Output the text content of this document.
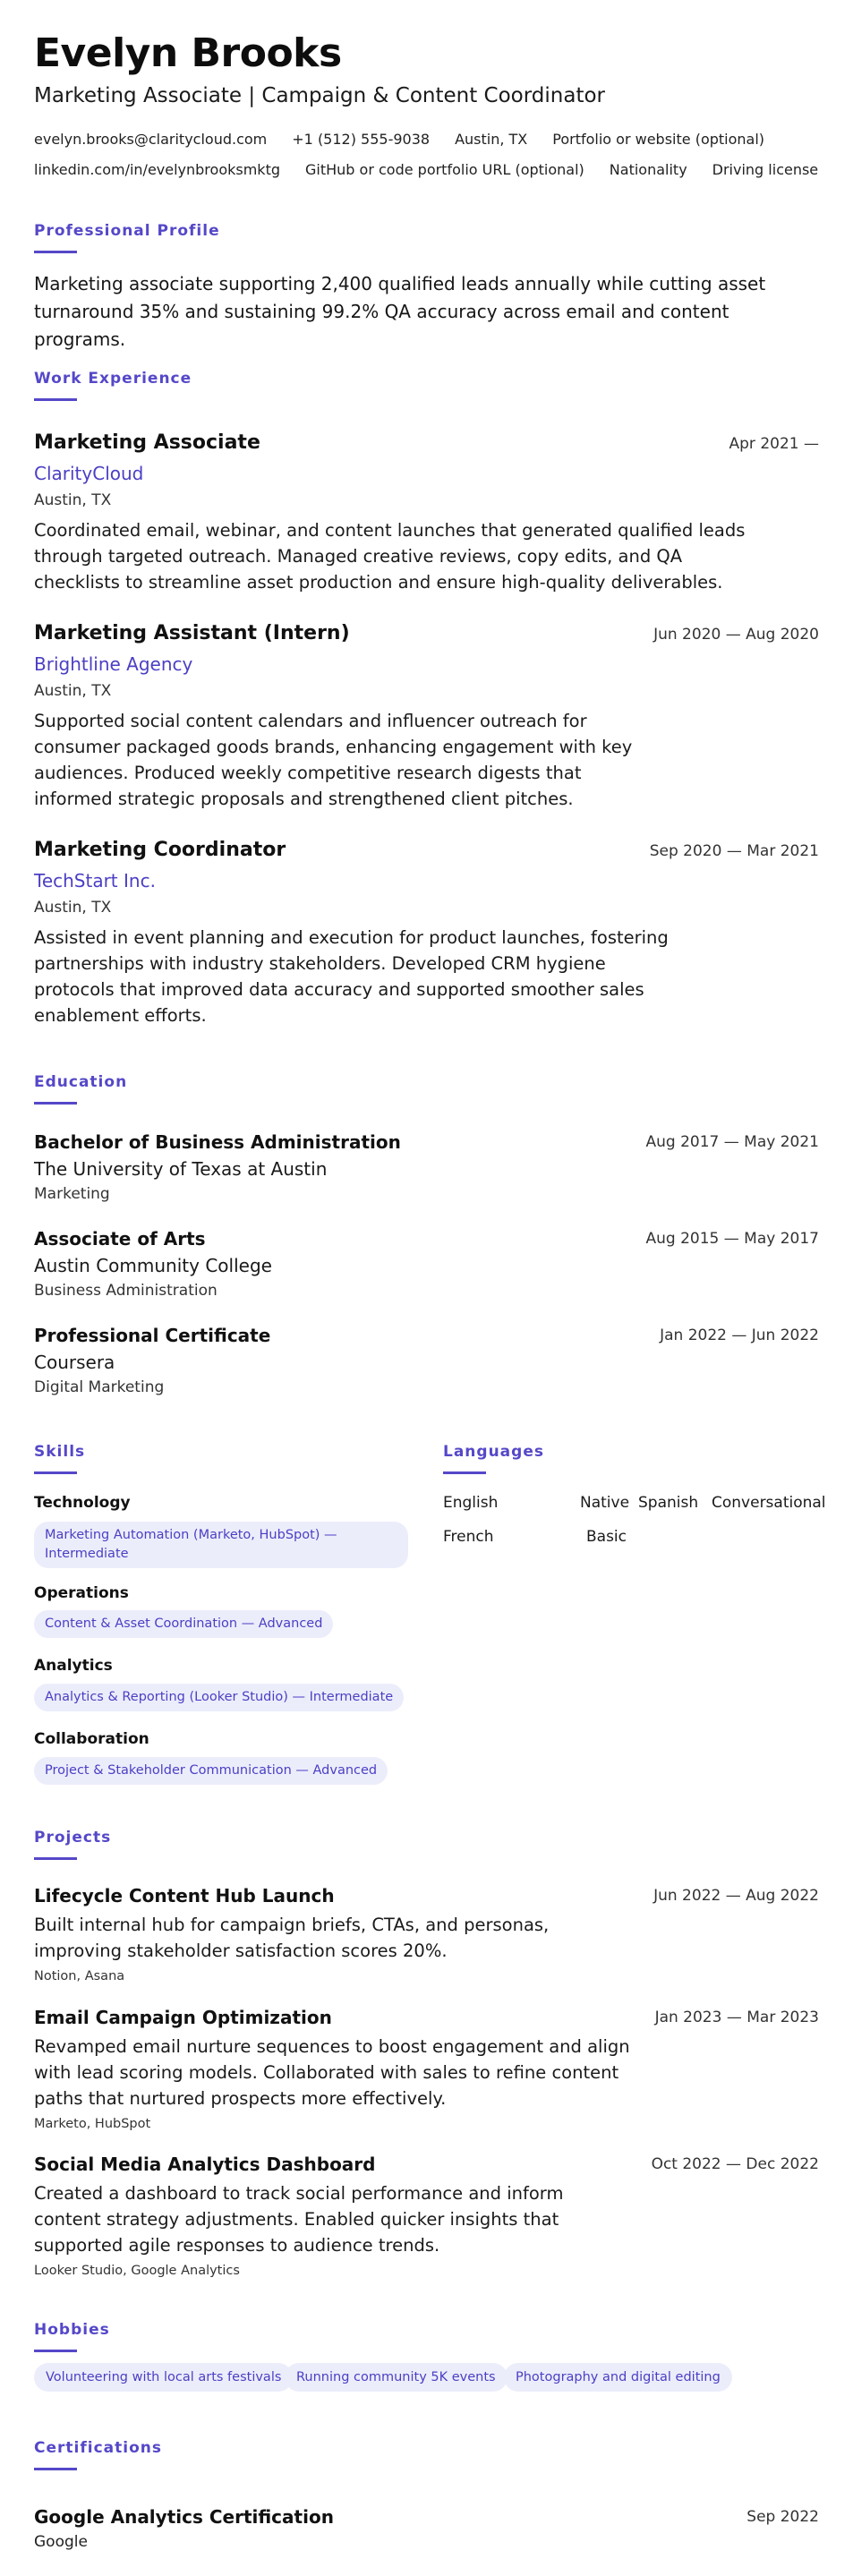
Evelyn Brooks
Marketing Associate | Campaign & Content Coordinator
evelyn.brooks@claritycloud.com +1 (512) 555-9038 Austin, TX Portfolio or website (optional)
linkedin.com/in/evelynbrooksmktg GitHub or code portfolio URL (optional) Nationality Driving license
Professional Profile
Marketing associate supporting 2,400 qualified leads annually while cutting asset turnaround 35% and sustaining 99.2% QA accuracy across email and content programs.
Work Experience
Marketing Associate
ClarityCloud
Austin, TX
Coordinated email, webinar, and content launches that generated qualified leads through targeted outreach. Managed creative reviews, copy edits, and QA checklists to streamline asset production and ensure high-quality deliverables.
Apr 2021 —
Marketing Assistant (Intern)
Brightline Agency
Austin, TX
Supported social content calendars and influencer outreach for consumer packaged goods brands, enhancing engagement with key audiences. Produced weekly competitive research digests that informed strategic proposals and strengthened client pitches.
Jun 2020 — Aug 2020
Marketing Coordinator
TechStart Inc.
Austin, TX
Assisted in event planning and execution for product launches, fostering partnerships with industry stakeholders. Developed CRM hygiene protocols that improved data accuracy and supported smoother sales enablement efforts.
Sep 2020 — Mar 2021
Education
Bachelor of Business Administration
The University of Texas at Austin
Marketing
Aug 2017 — May 2021
Associate of Arts
Austin Community College
Business Administration
Aug 2015 — May 2017
Professional Certificate
Coursera
Digital Marketing
Jan 2022 — Jun 2022
Skills
Technology
Marketing Automation (Marketo, HubSpot) — Intermediate
Operations
Content & Asset Coordination — Advanced
Analytics
Analytics & Reporting (Looker Studio) — Intermediate
Collaboration
Project & Stakeholder Communication — Advanced
Languages
English	Native Spanish Conversational
French	Basic
Projects
Lifecycle Content Hub Launch
Built internal hub for campaign briefs, CTAs, and personas, improving stakeholder satisfaction scores 20%.
Notion, Asana
Jun 2022 — Aug 2022
Email Campaign Optimization
Revamped email nurture sequences to boost engagement and align with lead scoring models. Collaborated with sales to refine content paths that nurtured prospects more effectively.
Marketo, HubSpot
Jan 2023 — Mar 2023
Social Media Analytics Dashboard
Created a dashboard to track social performance and inform content strategy adjustments. Enabled quicker insights that supported agile responses to audience trends.
Looker Studio, Google Analytics
Oct 2022 — Dec 2022
Hobbies
Volunteering with local arts festivals	Running community 5K events	Photography and digital editing
Certifications
Google Analytics Certification
Google
Sep 2022
